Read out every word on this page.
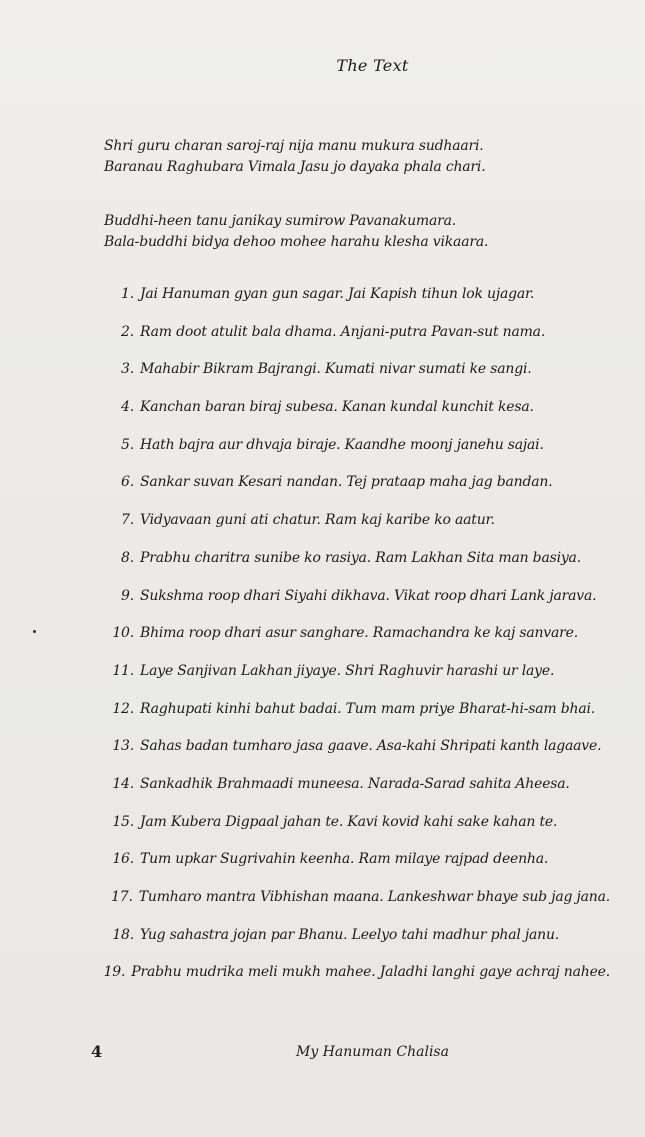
The Text
Shri guru charan saroj-raj nija manu mukura sudhaari.
Baranau Raghubara Vimala Jasu jo dayaka phala chari.
Buddhi-heen tanu janikay sumirow Pavanakumara.
Bala-buddhi bidya dehoo mohee harahu klesha vikaara.
1. Jai Hanuman gyan gun sagar. Jai Kapish tihun lok ujagar.
2. Ram doot atulit bala dhama. Anjani-putra Pavan-sut nama.
3. Mahabir Bikram Bajrangi. Kumati nivar sumati ke sangi.
4. Kanchan baran biraj subesa. Kanan kundal kunchit kesa.
5. Hath bajra aur dhvaja biraje. Kaandhe moonj janehu sajai.
6. Sankar suvan Kesari nandan. Tej prataap maha jag bandan.
7. Vidyavaan guni ati chatur. Ram kaj karibe ko aatur.
8. Prabhu charitra sunibe ko rasiya. Ram Lakhan Sita man basiya.
9. Sukshma roop dhari Siyahi dikhava. Vikat roop dhari Lank jarava.
10. Bhima roop dhari asur sanghare. Ramachandra ke kaj sanvare.
11. Laye Sanjivan Lakhan jiyaye. Shri Raghuvir harashi ur laye.
12. Raghupati kinhi bahut badai. Tum mam priye Bharat-hi-sam bhai.
13. Sahas badan tumharo jasa gaave. Asa-kahi Shripati kanth lagaave.
14. Sankadhik Brahmaadi muneesa. Narada-Sarad sahita Aheesa.
15. Jam Kubera Digpaal jahan te. Kavi kovid kahi sake kahan te.
16. Tum upkar Sugrivahin keenha. Ram milaye rajpad deenha.
17. Tumharo mantra Vibhishan maana. Lankeshwar bhaye sub jag jana.
18. Yug sahastra jojan par Bhanu. Leelyo tahi madhur phal janu.
19. Prabhu mudrika meli mukh mahee. Jaladhi langhi gaye achraj nahee.
4	My Hanuman Chalisa
